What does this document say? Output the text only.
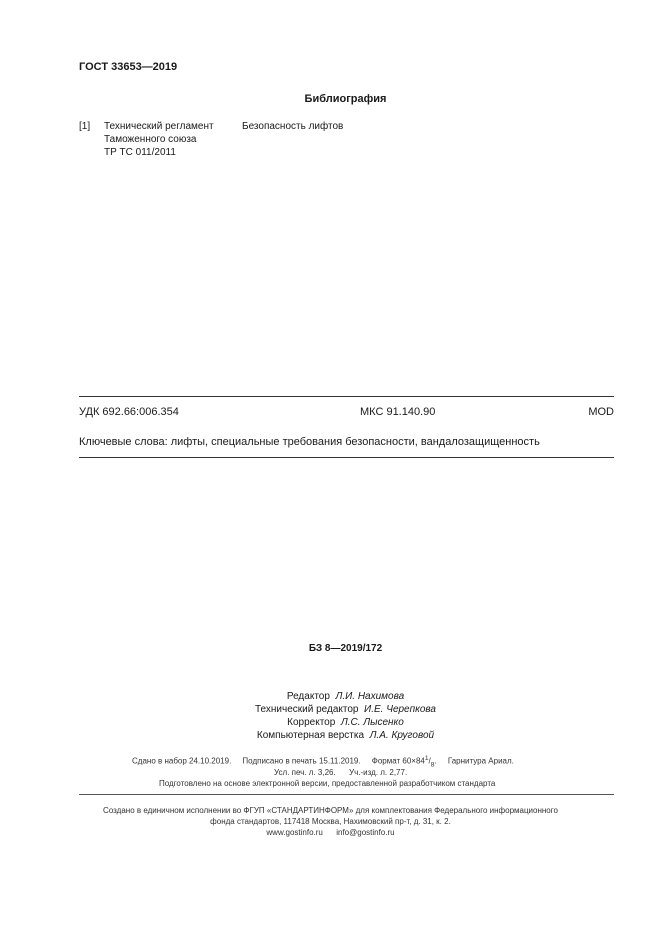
ГОСТ 33653—2019
Библиография
[1] Технический регламент
Таможенного союза
ТР ТС 011/2011
Безопасность лифтов
УДК 692.66:006.354	МКС 91.140.90	MOD
Ключевые слова: лифты, специальные требования безопасности, вандалозащищенность
БЗ 8—2019/172
Редактор Л.И. Нахимова
Технический редактор И.Е. Черепкова
Корректор Л.С. Лысенко
Компьютерная верстка Л.А. Круговой
Сдано в набор 24.10.2019. Подписано в печать 15.11.2019. Формат $60\times 84^1/_8$. Гарнитура Ариал.
Усл. печ. л. 3,26. Уч.-изд. л. 2,77.
Подготовлено на основе электронной версии, предоставленной разработчиком стандарта
Создано в единичном исполнении во ФГУП «СТАНДАРТИНФОРМ» для комплектования Федерального информационного
фонда стандартов, 117418 Москва, Нахимовский пр-т, д. 31, к. 2.
www.gostinfo.ru info@gostinfo.ru
